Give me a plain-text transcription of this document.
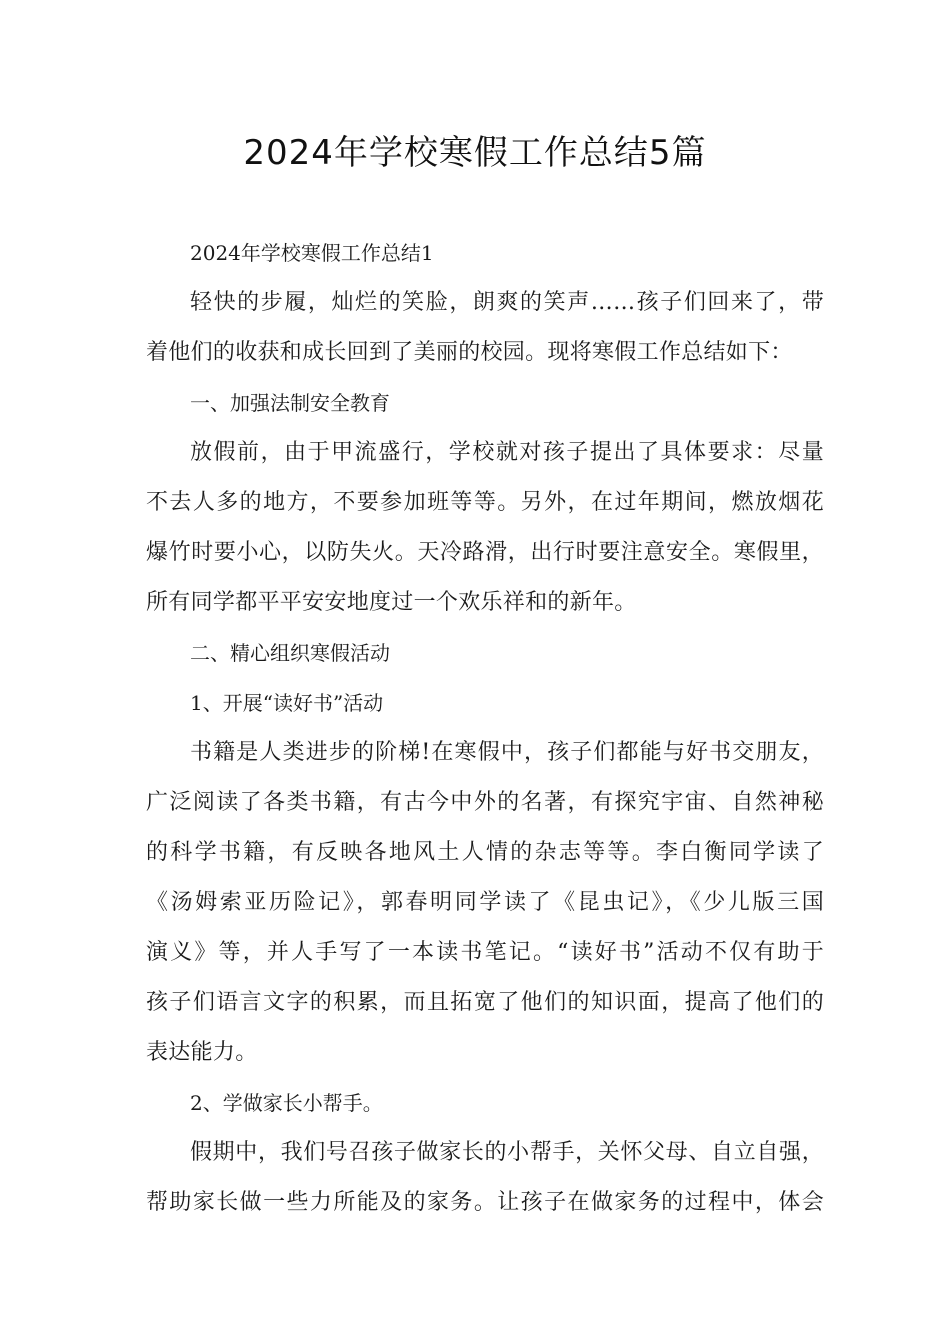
2024年学校寒假工作总结5篇
2024年学校寒假工作总结1
轻快的步履，灿烂的笑脸，朗爽的笑声……孩子们回来了，带
着他们的收获和成长回到了美丽的校园。现将寒假工作总结如下：
一、加强法制安全教育
放假前，由于甲流盛行，学校就对孩子提出了具体要求：尽量
不去人多的地方，不要参加班等等。另外，在过年期间，燃放烟花
爆竹时要小心，以防失火。天冷路滑，出行时要注意安全。寒假里，
所有同学都平平安安地度过一个欢乐祥和的新年。
二、精心组织寒假活动
1、开展“读好书”活动
书籍是人类进步的阶梯!在寒假中，孩子们都能与好书交朋友，
广泛阅读了各类书籍，有古今中外的名著，有探究宇宙、自然神秘
的科学书籍，有反映各地风土人情的杂志等等。李白衡同学读了
《汤姆索亚历险记》，郭春明同学读了《昆虫记》，《少儿版三国
演义》等，并人手写了一本读书笔记。“读好书”活动不仅有助于
孩子们语言文字的积累，而且拓宽了他们的知识面，提高了他们的
表达能力。
2、学做家长小帮手。
假期中，我们号召孩子做家长的小帮手，关怀父母、自立自强，
帮助家长做一些力所能及的家务。让孩子在做家务的过程中，体会
